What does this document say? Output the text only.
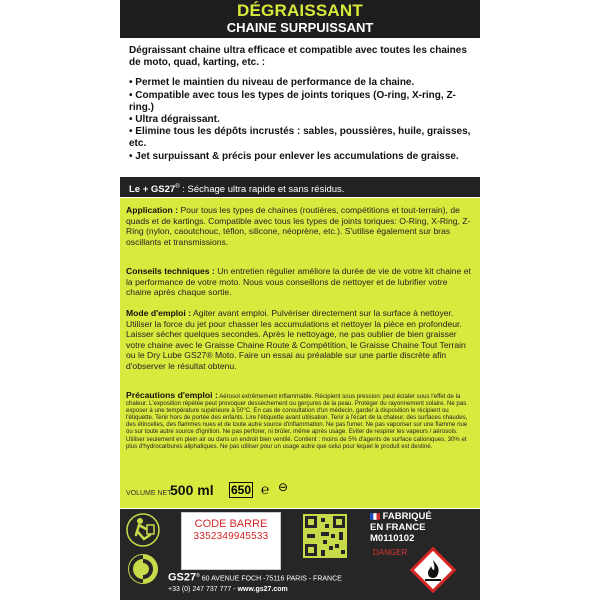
DÉGRAISSANT
CHAINE SURPUISSANT

Dégraissant chaine ultra efficace et compatible avec toutes les chaines de moto, quad, karting, etc. :

• Permet le maintien du niveau de performance de la chaine.
• Compatible avec tous les types de joints toriques (O-ring, X-ring, Z-ring.)
• Ultra dégraissant.
• Elimine tous les dépôts incrustés : sables, poussières, huile, graisses, etc.
• Jet surpuissant & précis pour enlever les accumulations de graisse.
Le + GS27® : Séchage ultra rapide et sans résidus.
Application : Pour tous les types de chaines (routières, compétitions et tout-terrain), de quads et de kartings. Compatible avec tous les types de joints toriques: O-Ring, X-Ring, Z-Ring (nylon, caoutchouc, téflon, silicone, néoprène, etc.). S'utilise également sur bras oscillants et transmissions.
Conseils techniques : Un entretien régulier améliore la durée de vie de votre kit chaine et la performance de votre moto. Nous vous conseillons de nettoyer et de lubrifier votre chaine après chaque sortie.
Mode d'emploi : Agiter avant emploi. Pulvériser directement sur la surface à nettoyer. Utiliser la force du jet pour chasser les accumulations et nettoyer la pièce en profondeur. Laisser sécher quelques secondes. Après le nettoyage, ne pas oublier de bien graisser votre chaine avec le Graisse Chaine Route & Compétition, le Graisse Chaine Tout Terrain ou le Dry Lube GS27® Moto. Faire un essai au préalable sur une partie discrète afin d'observer le résultat obtenu.
Précautions d'emploi : Aérosol extrêmement inflammable. Récipient sous pression: peut éclater sous l'effet de la chaleur. L'exposition répétée peut provoquer dessèchement ou gerçures de la peau. Protéger du rayonnement solaire. Ne pas exposer à une température supérieure à 50°C. En cas de consultation d'un médecin, garder à disposition le récipient ou l'étiquette. Tenir hors de portée des enfants. Lire l'étiquette avant utilisation. Tenir à l'écart de la chaleur, des surfaces chaudes, des étincelles, des flammes nues et de toute autre source d'inflammation. Ne pas fumer. Ne pas vaporiser sur une flamme nue ou sur toute autre source d'ignition. Ne pas perforer, ni brûler, même après usage. Eviter de respirer les vapeurs / aérosols. Utiliser seulement en plein air ou dans un endroit bien ventilé. Contient : moins de 5% d'agents de surface cationiques, 30% et plus d'hydrocarbures aliphatiques. Ne pas utiliser pour un usage autre que celui pour lequel le produit est destiné.
VOLUME NET
500 ml 650 ℮ ⊖
CODE BARRE
3352349945533
FABRIQUÉ
EN FRANCE
M0110102
DANGER
GS27® 60 AVENUE FOCH -75116 PARIS - FRANCE
+33 (0) 247 737 777 - www.gs27.com
